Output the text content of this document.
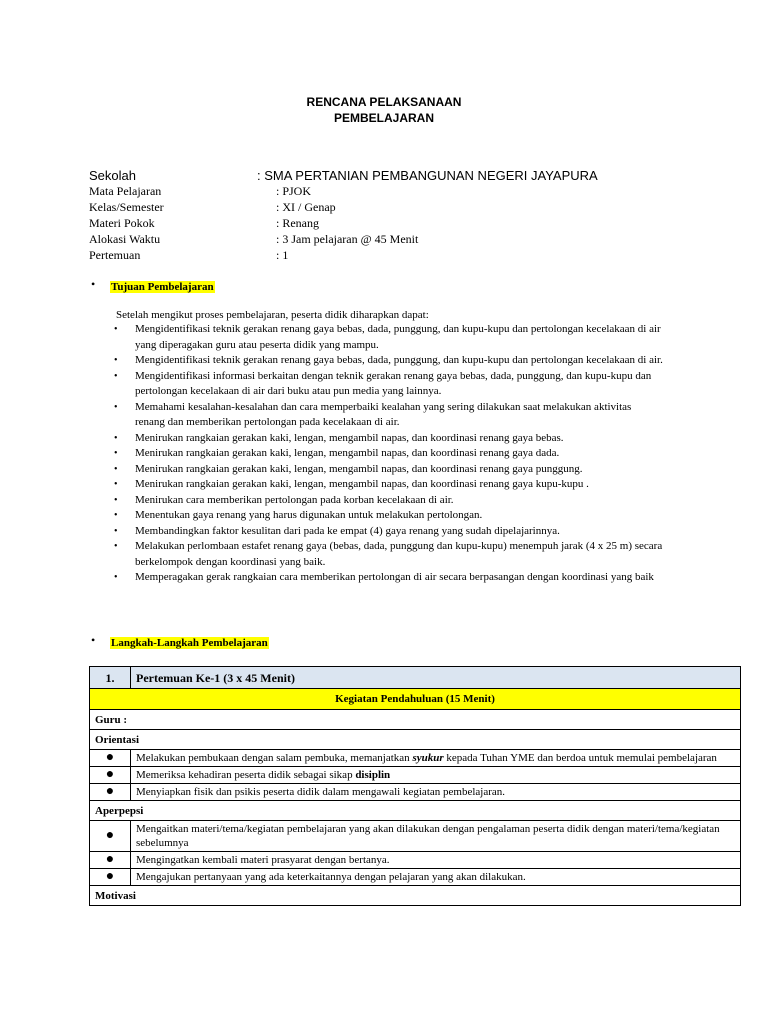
RENCANA PELAKSANAAN
PEMBELAJARAN
Sekolah	: SMA PERTANIAN PEMBANGUNAN NEGERI JAYAPURA
Mata Pelajaran	: PJOK
Kelas/Semester	: XI / Genap
Materi Pokok	: Renang
Alokasi Waktu	: 3 Jam pelajaran @ 45 Menit
Pertemuan	: 1
• Tujuan Pembelajaran
Setelah mengikut proses pembelajaran, peserta didik diharapkan dapat:
• Mengidentifikasi teknik gerakan renang gaya bebas, dada, punggung, dan kupu-kupu dan pertolongan kecelakaan di air yang diperagakan guru atau peserta didik yang mampu.
• Mengidentifikasi teknik gerakan renang gaya bebas, dada, punggung, dan kupu-kupu dan pertolongan kecelakaan di air.
• Mengidentifikasi informasi berkaitan dengan teknik gerakan renang gaya bebas, dada, punggung, dan kupu-kupu dan pertolongan kecelakaan di air dari buku atau pun media yang lainnya.
• Memahami kesalahan-kesalahan dan cara memperbaiki kealahan yang sering dilakukan saat melakukan aktivitas renang dan memberikan pertolongan pada kecelakaan di air.
• Menirukan rangkaian gerakan kaki, lengan, mengambil napas, dan koordinasi renang gaya bebas.
• Menirukan rangkaian gerakan kaki, lengan, mengambil napas, dan koordinasi renang gaya dada.
• Menirukan rangkaian gerakan kaki, lengan, mengambil napas, dan koordinasi renang gaya punggung.
• Menirukan rangkaian gerakan kaki, lengan, mengambil napas, dan koordinasi renang gaya kupu-kupu .
• Menirukan cara memberikan pertolongan pada korban kecelakaan di air.
• Menentukan gaya renang yang harus digunakan untuk melakukan pertolongan.
• Membandingkan faktor kesulitan dari pada ke empat (4) gaya renang yang sudah dipelajarinnya.
• Melakukan perlombaan estafet renang gaya (bebas, dada, punggung dan kupu-kupu) menempuh jarak (4 x 25 m) secara berkelompok dengan koordinasi yang baik.
• Memperagakan gerak rangkaian cara memberikan pertolongan di air secara berpasangan dengan koordinasi yang baik
• Langkah-Langkah Pembelajaran
1.	Pertemuan Ke-1 (3 x 45 Menit)
Kegiatan Pendahuluan (15 Menit)	
Guru :	
Orientasi	
●	Melakukan pembukaan dengan salam pembuka, memanjatkan syukur kepada Tuhan YME dan berdoa untuk memulai pembelajaran
●	Memeriksa kehadiran peserta didik sebagai sikap disiplin
●	Menyiapkan fisik dan psikis peserta didik dalam mengawali kegiatan pembelajaran.
Aperpepsi	
●	Mengaitkan materi/tema/kegiatan pembelajaran yang akan dilakukan dengan pengalaman peserta didik dengan materi/tema/kegiatan sebelumnya
●	Mengingatkan kembali materi prasyarat dengan bertanya.
●	Mengajukan pertanyaan yang ada keterkaitannya dengan pelajaran yang akan dilakukan.
Motivasi	
